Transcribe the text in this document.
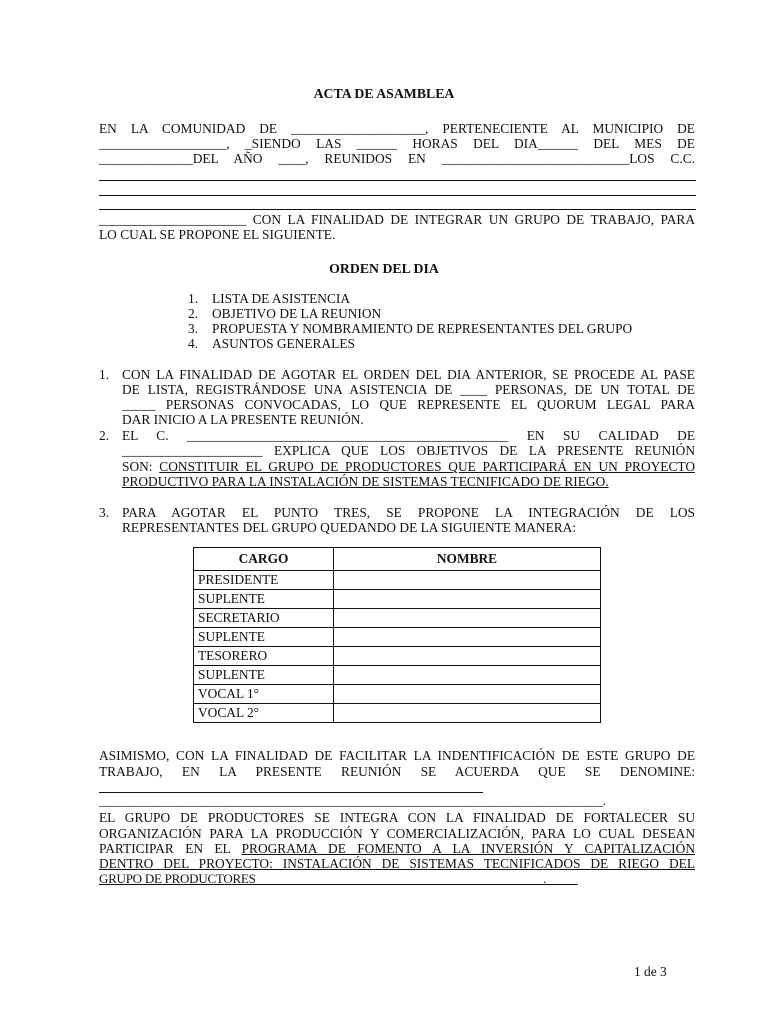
ACTA DE ASAMBLEA
EN LA COMUNIDAD DE ____________________, PERTENECIENTE AL MUNICIPIO DE
___________________, _SIENDO LAS ______ HORAS DEL DIA______ DEL MES DE
______________DEL AÑO ____, REUNIDOS EN ____________________________LOS C.C.
______________________ CON LA FINALIDAD DE INTEGRAR UN GRUPO DE TRABAJO, PARA
LO CUAL SE PROPONE EL SIGUIENTE.
ORDEN DEL DIA
1. LISTA DE ASISTENCIA
2. OBJETIVO DE LA REUNION
3. PROPUESTA Y NOMBRAMIENTO DE REPRESENTANTES DEL GRUPO
4. ASUNTOS GENERALES
1. CON LA FINALIDAD DE AGOTAR EL ORDEN DEL DIA ANTERIOR, SE PROCEDE AL PASE
DE LISTA, REGISTRÁNDOSE UNA ASISTENCIA DE ____ PERSONAS, DE UN TOTAL DE
_____ PERSONAS CONVOCADAS, LO QUE REPRESENTE EL QUORUM LEGAL PARA
DAR INICIO A LA PRESENTE REUNIÓN.
2. EL C. ________________________________________________ EN SU CALIDAD DE
_____________________ EXPLICA QUE LOS OBJETIVOS DE LA PRESENTE REUNIÓN
SON: CONSTITUIR EL GRUPO DE PRODUCTORES QUE PARTICIPARÁ EN UN PROYECTO
PRODUCTIVO PARA LA INSTALACIÓN DE SISTEMAS TECNIFICADO DE RIEGO.
3. PARA AGOTAR EL PUNTO TRES, SE PROPONE LA INTEGRACIÓN DE LOS
REPRESENTANTES DEL GRUPO QUEDANDO DE LA SIGUIENTE MANERA:
CARGO	NOMBRE
PRESIDENTE	
SUPLENTE	
SECRETARIO	
SUPLENTE	
TESORERO	
SUPLENTE	
VOCAL 1°	
VOCAL 2°	
ASIMISMO, CON LA FINALIDAD DE FACILITAR LA INDENTIFICACIÓN DE ESTE GRUPO DE
TRABAJO, EN LA PRESENTE REUNIÓN SE ACUERDA QUE SE DENOMINE:
____________________________________________________________________________________.
EL GRUPO DE PRODUCTORES SE INTEGRA CON LA FINALIDAD DE FORTALECER SU
ORGANIZACIÓN PARA LA PRODUCCIÓN Y COMERCIALIZACIÓN, PARA LO CUAL DESEAN
PARTICIPAR EN EL PROGRAMA DE FOMENTO A LA INVERSIÓN Y CAPITALIZACIÓN
DENTRO DEL PROYECTO: INSTALACIÓN DE SISTEMAS TECNIFICADOS DE RIEGO DEL
GRUPO DE PRODUCTORES______________________________________________._____
1 de 3
